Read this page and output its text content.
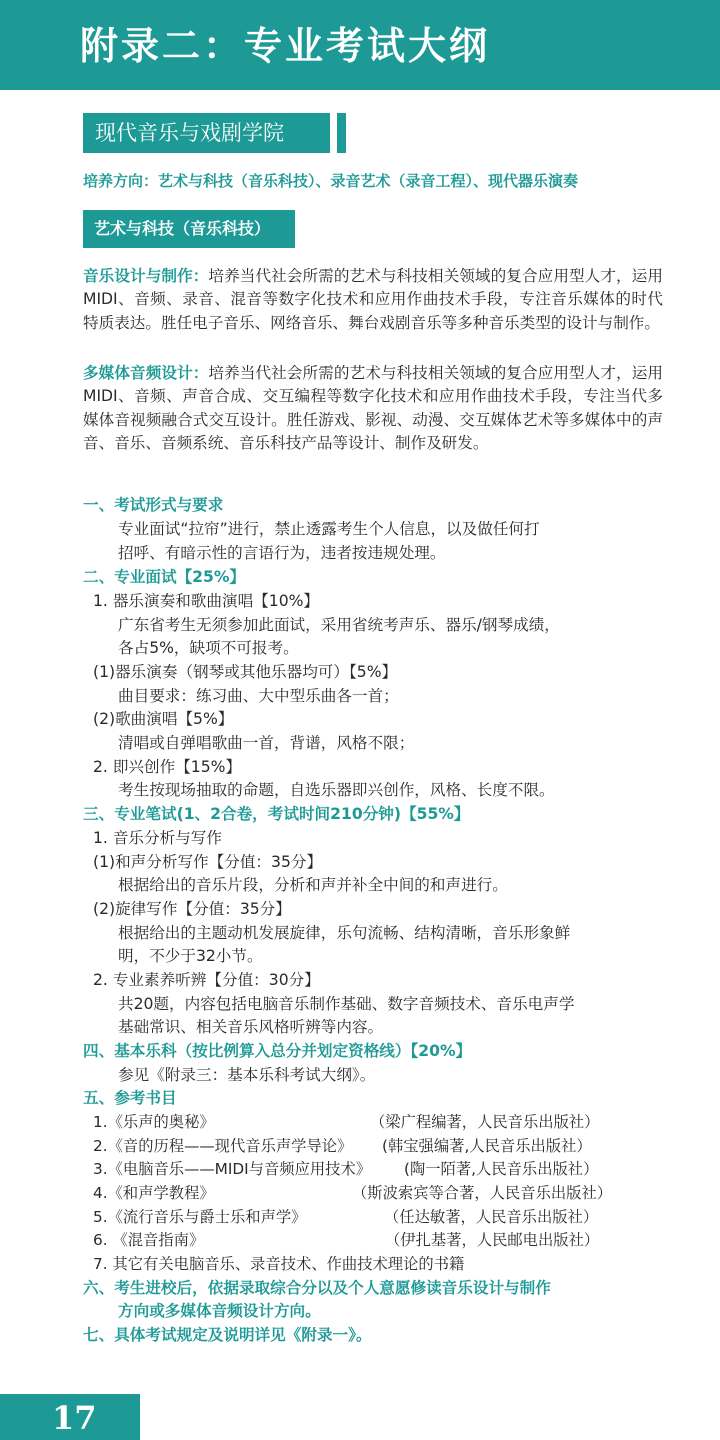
附录二：专业考试大纲
现代音乐与戏剧学院
培养方向：艺术与科技（音乐科技）、录音艺术（录音工程）、现代器乐演奏
艺术与科技（音乐科技）

音乐设计与制作：培养当代社会所需的艺术与科技相关领域的复合应用型人才，运用MIDI、音频、录音、混音等数字化技术和应用作曲技术手段，专注音乐媒体的时代特质表达。胜任电子音乐、网络音乐、舞台戏剧音乐等多种音乐类型的设计与制作。

多媒体音频设计：培养当代社会所需的艺术与科技相关领域的复合应用型人才，运用MIDI、音频、声音合成、交互编程等数字化技术和应用作曲技术手段，专注当代多媒体音视频融合式交互设计。胜任游戏、影视、动漫、交互媒体艺术等多媒体中的声音、音乐、音频系统、音乐科技产品等设计、制作及研发。

一、考试形式与要求
专业面试“拉帘”进行，禁止透露考生个人信息，以及做任何打
招呼、有暗示性的言语行为，违者按违规处理。
二、专业面试【25%】
1. 器乐演奏和歌曲演唱【10%】
广东省考生无须参加此面试，采用省统考声乐、器乐/钢琴成绩，
各占5%，缺项不可报考。
(1)器乐演奏（钢琴或其他乐器均可）【5%】
曲目要求：练习曲、大中型乐曲各一首；
(2)歌曲演唱【5%】
清唱或自弹唱歌曲一首，背谱，风格不限；
2. 即兴创作【15%】
考生按现场抽取的命题，自选乐器即兴创作，风格、长度不限。
三、专业笔试(1、2合卷，考试时间210分钟)【55%】
1. 音乐分析与写作
(1)和声分析写作【分值：35分】
根据给出的音乐片段，分析和声并补全中间的和声进行。
(2)旋律写作【分值：35分】
根据给出的主题动机发展旋律，乐句流畅、结构清晰，音乐形象鲜
明，不少于32小节。
2. 专业素养听辨【分值：30分】
共20题，内容包括电脑音乐制作基础、数字音频技术、音乐电声学
基础常识、相关音乐风格听辨等内容。
四、基本乐科（按比例算入总分并划定资格线）【20%】
参见《附录三：基本乐科考试大纲》。
五、参考书目
1.《乐声的奥秘》	（梁广程编著，人民音乐出版社）
2.《音的历程——现代音乐声学导论》 (韩宝强编著,人民音乐出版社）
3.《电脑音乐——MIDI与音频应用技术》 (陶一陌著,人民音乐出版社）
4.《和声学教程》	（斯波索宾等合著，人民音乐出版社）
5.《流行音乐与爵士乐和声学》	（任达敏著，人民音乐出版社）
6. 《混音指南》	（伊扎基著，人民邮电出版社）
7. 其它有关电脑音乐、录音技术、作曲技术理论的书籍
六、考生进校后，依据录取综合分以及个人意愿修读音乐设计与制作
方向或多媒体音频设计方向。
七、具体考试规定及说明详见《附录一》。
17
